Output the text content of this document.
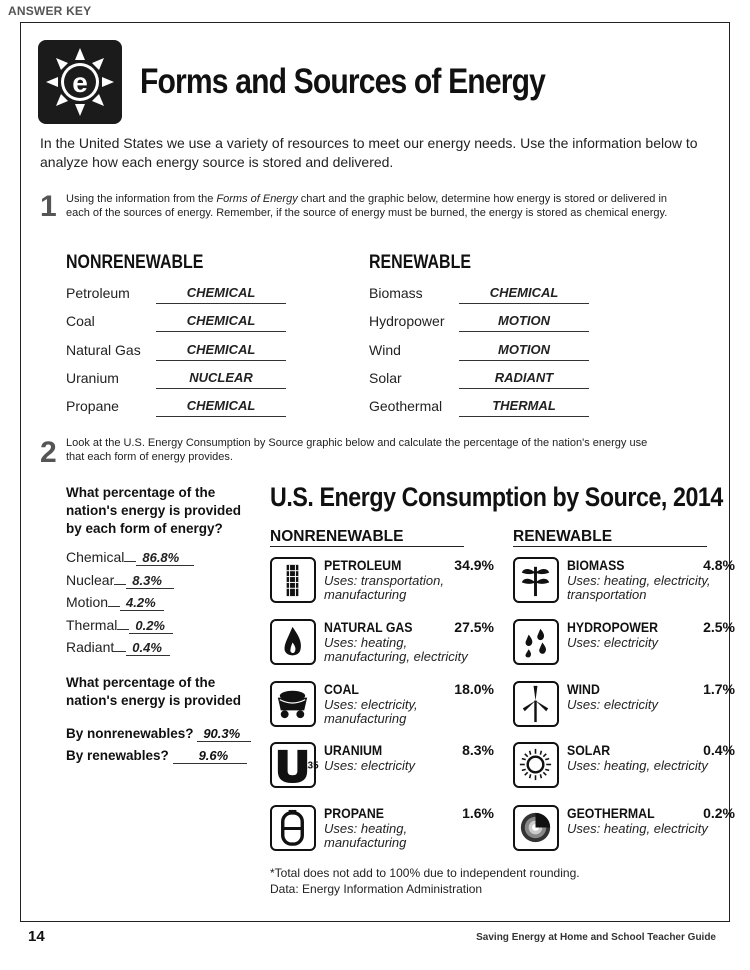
ANSWER KEY
e Forms and Sources of Energy
In the United States we use a variety of resources to meet our energy needs. Use the information below to analyze how each energy source is stored and delivered.
1 Using the information from the Forms of Energy chart and the graphic below, determine how energy is stored or delivered in each of the sources of energy. Remember, if the source of energy must be burned, the energy is stored as chemical energy.
NONRENEWABLE	RENEWABLE
Petroleum	CHEMICAL
Coal	CHEMICAL
Natural Gas	CHEMICAL
Uranium	NUCLEAR
Propane	CHEMICAL
Biomass	CHEMICAL
Hydropower	MOTION
Wind	MOTION
Solar	RADIANT
Geothermal	THERMAL
2 Look at the U.S. Energy Consumption by Source graphic below and calculate the percentage of the nation's energy use that each form of energy provides.
What percentage of the nation's energy is provided by each form of energy?
Chemical 86.8%
Nuclear 8.3%
Motion 4.2%
Thermal 0.2%
Radiant 0.4%
What percentage of the nation's energy is provided
By nonrenewables? 90.3%
By renewables? 9.6%
U.S. Energy Consumption by Source, 2014
NONRENEWABLE	RENEWABLE
PETROLEUM	34.9%
Uses: transportation, manufacturing
NATURAL GAS	27.5%
Uses: heating, manufacturing, electricity
COAL	18.0%
Uses: electricity, manufacturing
235
URANIUM	8.3%
Uses: electricity
PROPANE	1.6%
Uses: heating, manufacturing
BIOMASS	4.8%
Uses: heating, electricity, transportation
HYDROPOWER	2.5%
Uses: electricity
WIND	1.7%
Uses: electricity
SOLAR	0.4%
Uses: heating, electricity
GEOTHERMAL	0.2%
Uses: heating, electricity
*Total does not add to 100% due to independent rounding.
Data: Energy Information Administration
14	Saving Energy at Home and School Teacher Guide
